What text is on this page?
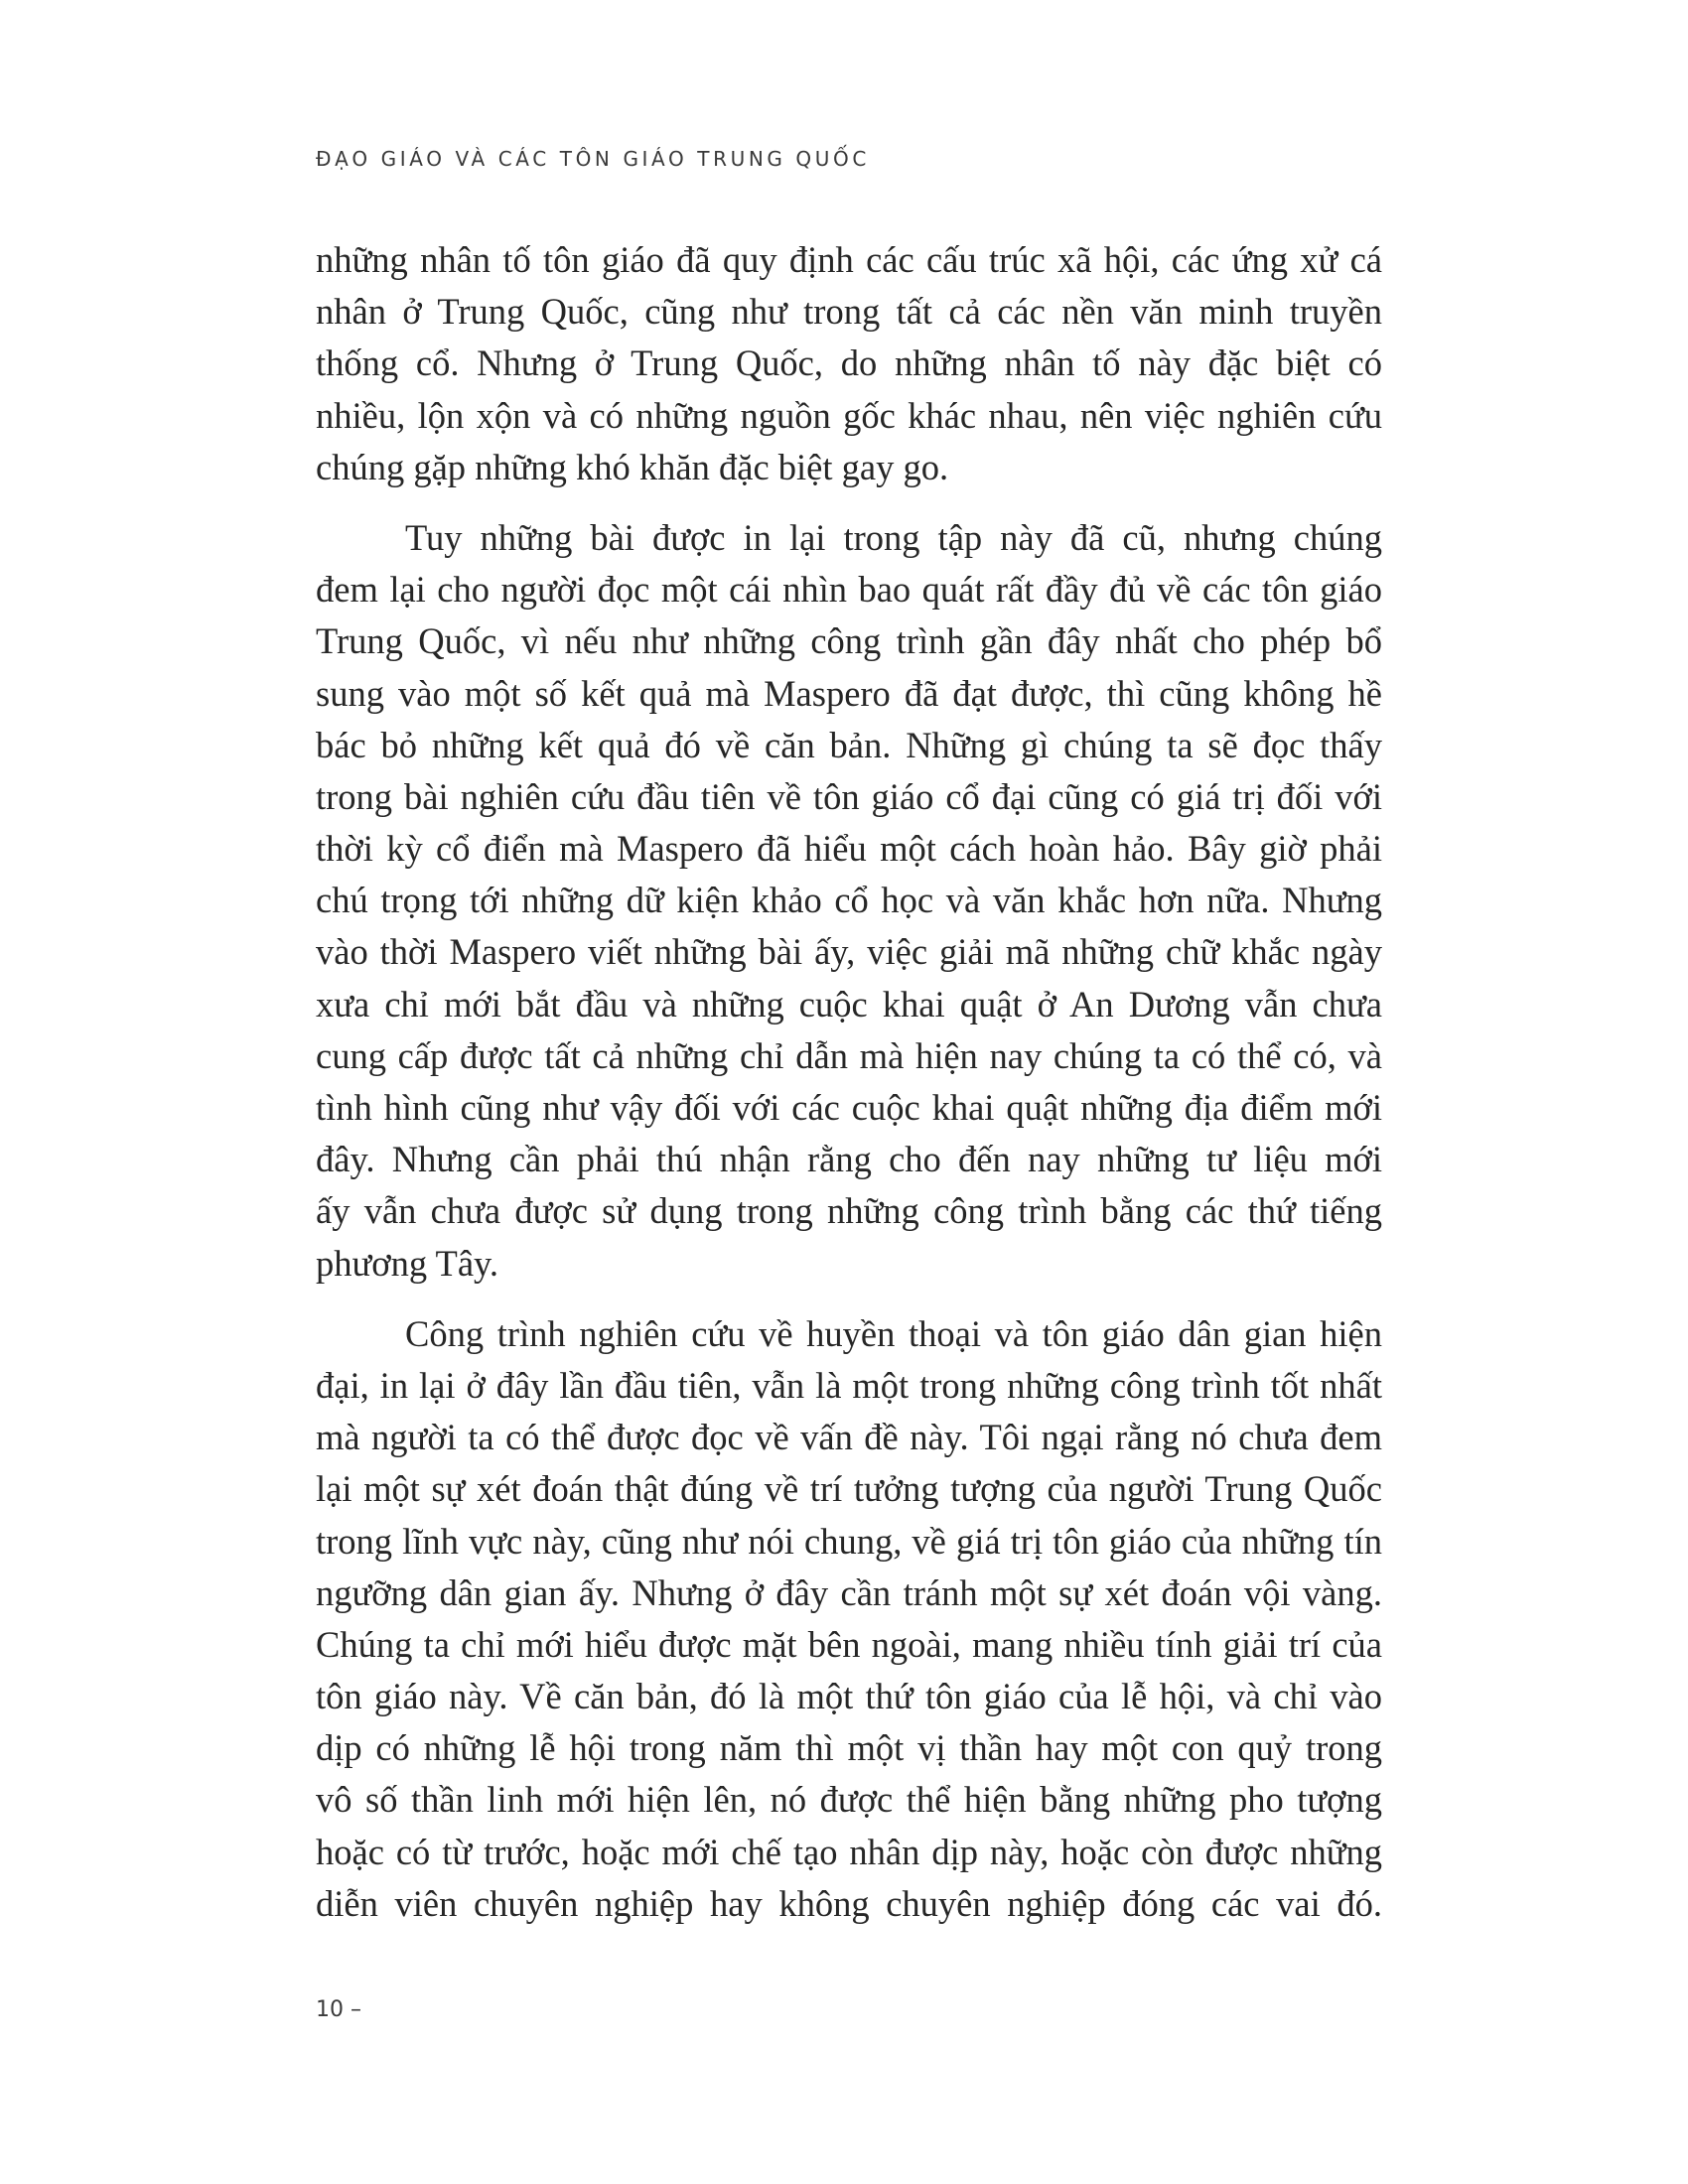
ĐẠO GIÁO VÀ CÁC TÔN GIÁO TRUNG QUỐC
những nhân tố tôn giáo đã quy định các cấu trúc xã hội, các ứng xử cá
nhân ở Trung Quốc, cũng như trong tất cả các nền văn minh truyền
thống cổ. Nhưng ở Trung Quốc, do những nhân tố này đặc biệt có
nhiều, lộn xộn và có những nguồn gốc khác nhau, nên việc nghiên cứu
chúng gặp những khó khăn đặc biệt gay go.
Tuy những bài được in lại trong tập này đã cũ, nhưng chúng
đem lại cho người đọc một cái nhìn bao quát rất đầy đủ về các tôn giáo
Trung Quốc, vì nếu như những công trình gần đây nhất cho phép bổ
sung vào một số kết quả mà Maspero đã đạt được, thì cũng không hề
bác bỏ những kết quả đó về căn bản. Những gì chúng ta sẽ đọc thấy
trong bài nghiên cứu đầu tiên về tôn giáo cổ đại cũng có giá trị đối với
thời kỳ cổ điển mà Maspero đã hiểu một cách hoàn hảo. Bây giờ phải
chú trọng tới những dữ kiện khảo cổ học và văn khắc hơn nữa. Nhưng
vào thời Maspero viết những bài ấy, việc giải mã những chữ khắc ngày
xưa chỉ mới bắt đầu và những cuộc khai quật ở An Dương vẫn chưa
cung cấp được tất cả những chỉ dẫn mà hiện nay chúng ta có thể có, và
tình hình cũng như vậy đối với các cuộc khai quật những địa điểm mới
đây. Nhưng cần phải thú nhận rằng cho đến nay những tư liệu mới
ấy vẫn chưa được sử dụng trong những công trình bằng các thứ tiếng
phương Tây.
Công trình nghiên cứu về huyền thoại và tôn giáo dân gian hiện
đại, in lại ở đây lần đầu tiên, vẫn là một trong những công trình tốt nhất
mà người ta có thể được đọc về vấn đề này. Tôi ngại rằng nó chưa đem
lại một sự xét đoán thật đúng về trí tưởng tượng của người Trung Quốc
trong lĩnh vực này, cũng như nói chung, về giá trị tôn giáo của những tín
ngưỡng dân gian ấy. Nhưng ở đây cần tránh một sự xét đoán vội vàng.
Chúng ta chỉ mới hiểu được mặt bên ngoài, mang nhiều tính giải trí của
tôn giáo này. Về căn bản, đó là một thứ tôn giáo của lễ hội, và chỉ vào
dịp có những lễ hội trong năm thì một vị thần hay một con quỷ trong
vô số thần linh mới hiện lên, nó được thể hiện bằng những pho tượng
hoặc có từ trước, hoặc mới chế tạo nhân dịp này, hoặc còn được những
diễn viên chuyên nghiệp hay không chuyên nghiệp đóng các vai đó.
10 –
